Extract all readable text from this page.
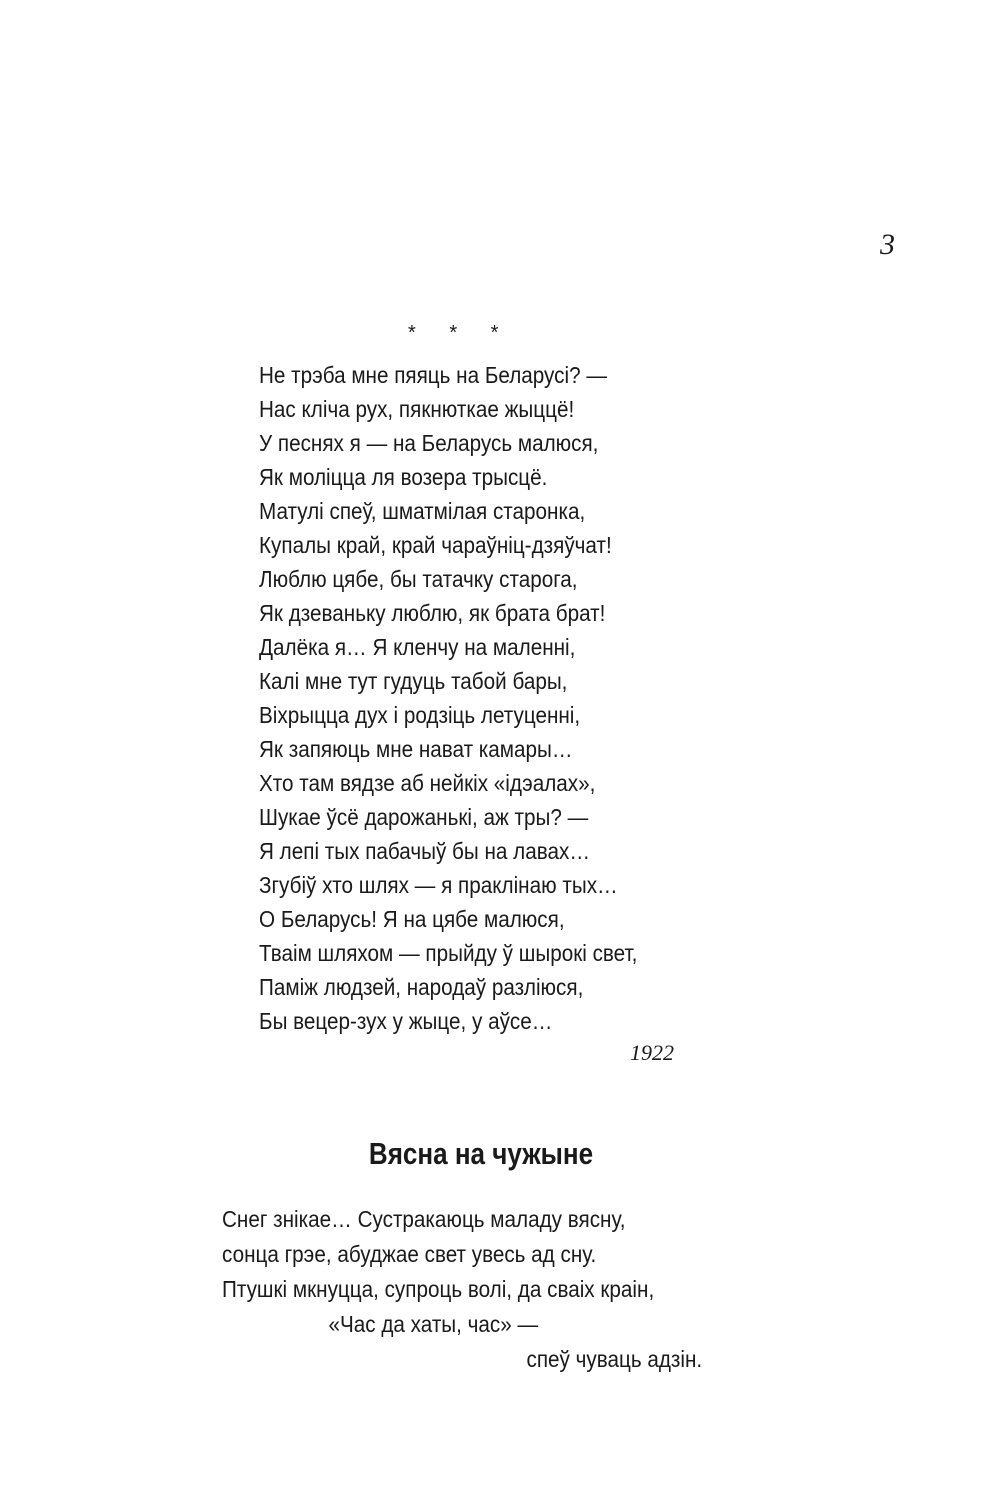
3
* * *
Не трэба мне пяяць на Беларусі? —
Нас кліча рух, пякнюткае жыццё!
У песнях я — на Беларусь малюся,
Як моліцца ля возера трысцё.
Матулі спеў, шматмілая старонка,
Купалы край, край чараўніц-дзяўчат!
Люблю цябе, бы татачку старога,
Як дзеваньку люблю, як брата брат!
Далёка я… Я кленчу на маленні,
Калі мне тут гудуць табой бары,
Віхрыцца дух і родзіць летуценні,
Як запяюць мне нават камары…
Хто там вядзе аб нейкіх «ідэалах»,
Шукае ўсё дарожанькі, аж тры? —
Я лепі тых пабачыў бы на лавах…
Згубіў хто шлях — я праклінаю тых…
О Беларусь! Я на цябе малюся,
Тваім шляхом — прыйду ў шырокі свет,
Паміж людзей, народаў разліюся,
Бы вецер-зух у жыце, у аўсе…
1922
Вясна на чужыне
Снег знікае… Сустракаюць маладу вясну,
сонца грэе, абуджае свет увесь ад сну.
Птушкі мкнуцца, супроць волі, да сваіх краін,
«Час да хаты, час» —
спеў чуваць адзін.
